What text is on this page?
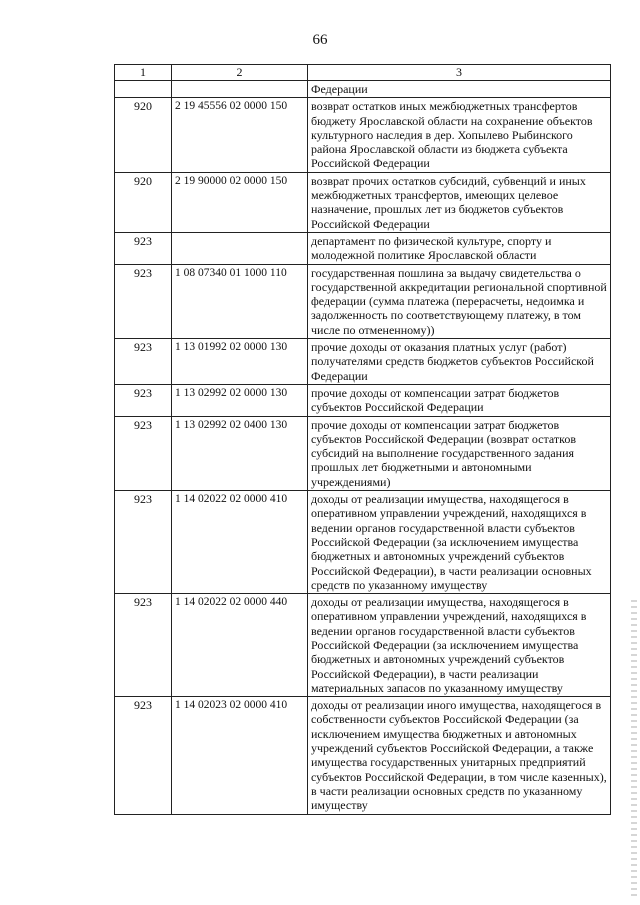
66
1	2	3
		Федерации
920	2 19 45556 02 0000 150	возврат остатков иных межбюджетных трансфертов бюджету Ярославской области на сохранение объектов культурного наследия в дер. Хопылево Рыбинского района Ярославской области из бюджета субъекта Российской Федерации
920	2 19 90000 02 0000 150	возврат прочих остатков субсидий, субвенций и иных межбюджетных трансфертов, имеющих целевое назначение, прошлых лет из бюджетов субъектов Российской Федерации
923		департамент по физической культуре, спорту и молодежной политике Ярославской области
923	1 08 07340 01 1000 110	государственная пошлина за выдачу свидетельства о государственной аккредитации региональной спортивной федерации (сумма платежа (перерасчеты, недоимка и задолженность по соответствующему платежу, в том числе по отмененному))
923	1 13 01992 02 0000 130	прочие доходы от оказания платных услуг (работ) получателями средств бюджетов субъектов Российской Федерации
923	1 13 02992 02 0000 130	прочие доходы от компенсации затрат бюджетов субъектов Российской Федерации
923	1 13 02992 02 0400 130	прочие доходы от компенсации затрат бюджетов субъектов Российской Федерации (возврат остатков субсидий на выполнение государственного задания прошлых лет бюджетными и автономными учреждениями)
923	1 14 02022 02 0000 410	доходы от реализации имущества, находящегося в оперативном управлении учреждений, находящихся в ведении органов государственной власти субъектов Российской Федерации (за исключением имущества бюджетных и автономных учреждений субъектов Российской Федерации), в части реализации основных средств по указанному имуществу
923	1 14 02022 02 0000 440	доходы от реализации имущества, находящегося в оперативном управлении учреждений, находящихся в ведении органов государственной власти субъектов Российской Федерации (за исключением имущества бюджетных и автономных учреждений субъектов Российской Федерации), в части реализации материальных запасов по указанному имуществу
923	1 14 02023 02 0000 410	доходы от реализации иного имущества, находящегося в собственности субъектов Российской Федерации (за исключением имущества бюджетных и автономных учреждений субъектов Российской Федерации, а также имущества государственных унитарных предприятий субъектов Российской Федерации, в том числе казенных), в части реализации основных средств по указанному имуществу
